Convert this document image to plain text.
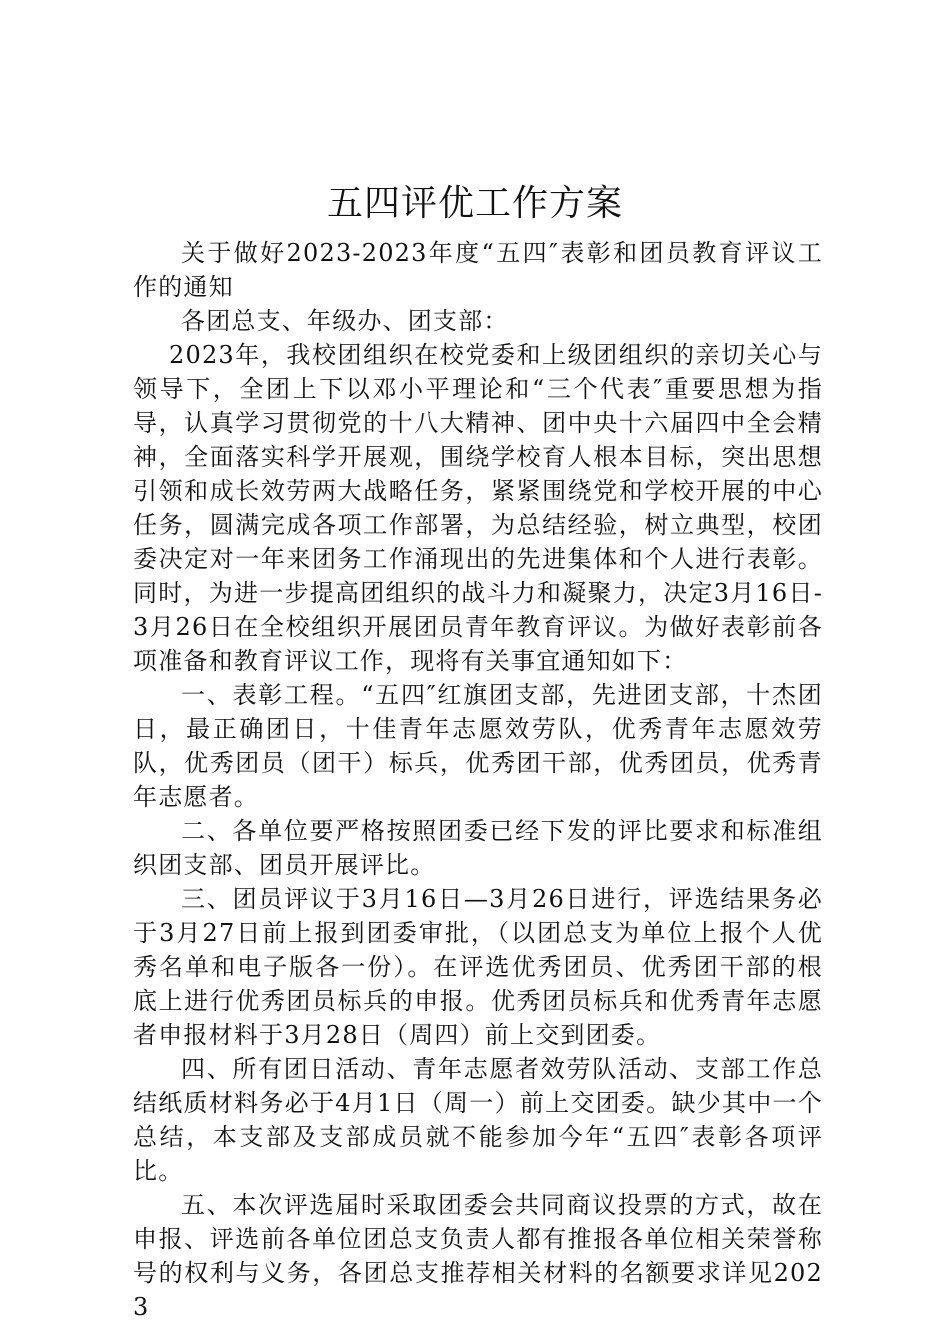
五四评优工作方案

关于做好2023-2023年度“五四″表彰和团员教育评议工作的通知

各团总支、年级办、团支部：

2023年，我校团组织在校党委和上级团组织的亲切关心与领导下，全团上下以邓小平理论和“三个代表″重要思想为指导，认真学习贯彻党的十八大精神、团中央十六届四中全会精神，全面落实科学开展观，围绕学校育人根本目标，突出思想引领和成长效劳两大战略任务，紧紧围绕党和学校开展的中心任务，圆满完成各项工作部署，为总结经验，树立典型，校团委决定对一年来团务工作涌现出的先进集体和个人进行表彰。同时，为进一步提高团组织的战斗力和凝聚力，决定3月16日-3月26日在全校组织开展团员青年教育评议。为做好表彰前各项准备和教育评议工作，现将有关事宜通知如下：

一、表彰工程。“五四″红旗团支部，先进团支部，十杰团日，最正确团日，十佳青年志愿效劳队，优秀青年志愿效劳队，优秀团员（团干）标兵，优秀团干部，优秀团员，优秀青年志愿者。

二、各单位要严格按照团委已经下发的评比要求和标准组织团支部、团员开展评比。

三、团员评议于3月16日—3月26日进行，评选结果务必于3月27日前上报到团委审批，（以团总支为单位上报个人优秀名单和电子版各一份）。在评选优秀团员、优秀团干部的根底上进行优秀团员标兵的申报。优秀团员标兵和优秀青年志愿者申报材料于3月28日（周四）前上交到团委。

四、所有团日活动、青年志愿者效劳队活动、支部工作总结纸质材料务必于4月1日（周一）前上交团委。缺少其中一个总结，本支部及支部成员就不能参加今年“五四″表彰各项评比。

五、本次评选届时采取团委会共同商议投票的方式，故在申报、评选前各单位团总支负责人都有推报各单位相关荣誉称号的权利与义务，各团总支推荐相关材料的名额要求详见2023
